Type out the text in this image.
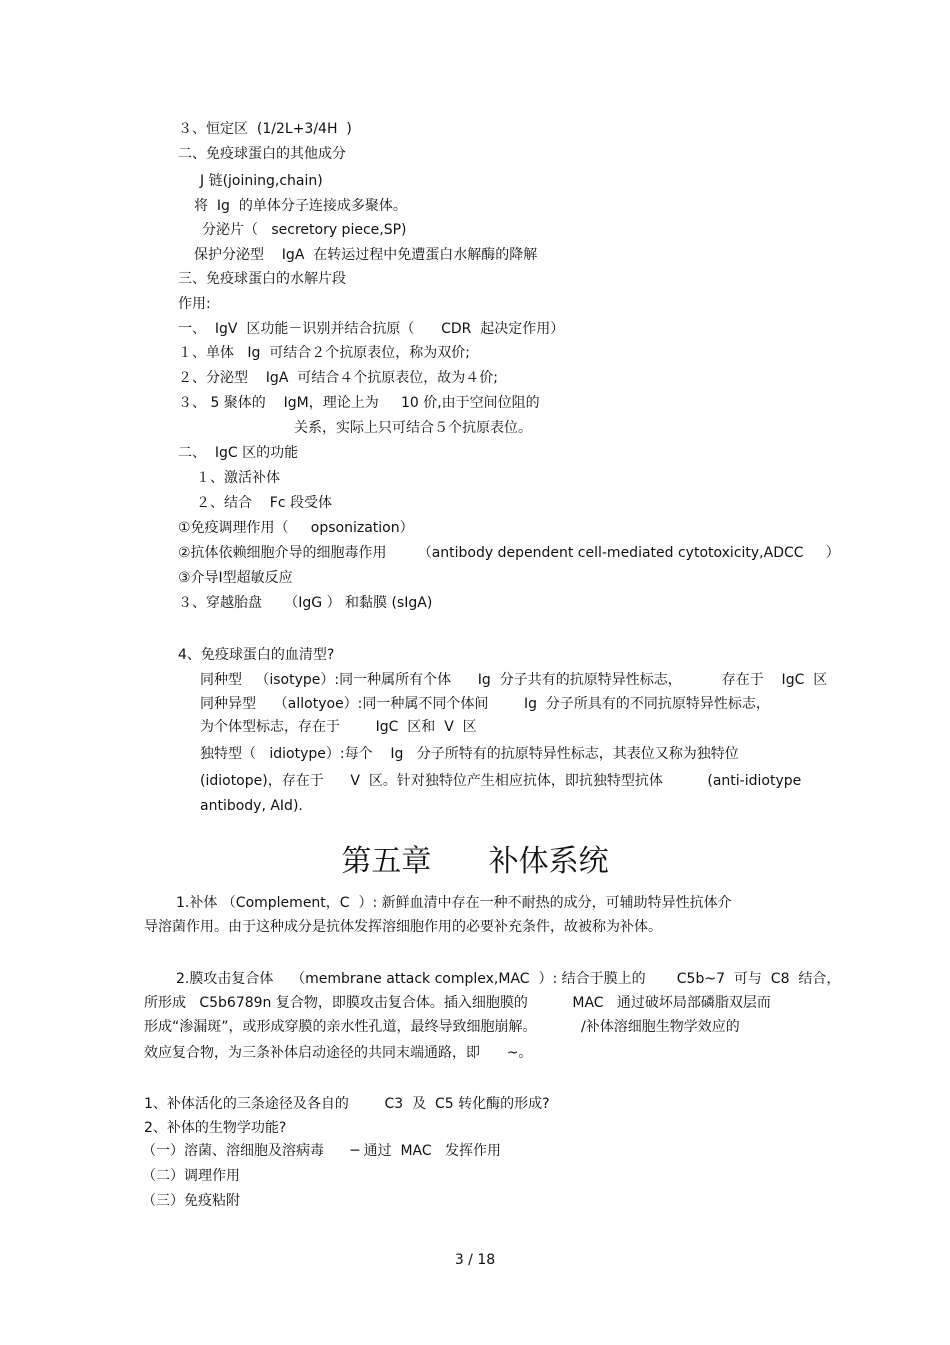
３、恒定区  (1/2L+3/4H  )
二、免疫球蛋白的其他成分
J 链(joining,chain)
将  Ig  的单体分子连接成多聚体。
分泌片（   secretory piece,SP)
保护分泌型    IgA  在转运过程中免遭蛋白水解酶的降解
三、免疫球蛋白的水解片段
作用:
一、  IgV  区功能－识别并结合抗原（      CDR  起决定作用）
１、单体   Ig  可结合２个抗原表位，称为双价;
２、分泌型    IgA  可结合４个抗原表位，故为４价;
３、 5 聚体的    IgM，理论上为     10 价,由于空间位阻的
关系，实际上只可结合５个抗原表位。
二、  IgC 区的功能
１、激活补体
２、结合    Fc 段受体
①免疫调理作用（     opsonization）
②抗体依赖细胞介导的细胞毒作用       （antibody dependent cell-mediated cytotoxicity,ADCC     ）
③介导Ⅰ型超敏反应
３、穿越胎盘     （IgG ） 和黏膜 (sIgA)
4、免疫球蛋白的血清型?
同种型   （isotype）:同一种属所有个体      Ig  分子共有的抗原特异性标志，         存在于    IgC  区
同种异型    （allotyoe）:同一种属不同个体间        Ig  分子所具有的不同抗原特异性标志，
为个体型标志，存在于        IgC  区和  V  区
独特型（   idiotype）:每个    Ig   分子所特有的抗原特异性标志，其表位又称为独特位
(idiotope)，存在于      V  区。针对独特位产生相应抗体，即抗独特型抗体          (anti-idiotype
antibody, AId).
第五章      补体系统
1.补体 （Complement，C  ）: 新鲜血清中存在一种不耐热的成分，可辅助特异性抗体介
导溶菌作用。由于这种成分是抗体发挥溶细胞作用的必要补充条件，故被称为补体。
2.膜攻击复合体    （membrane attack complex,MAC  ）: 结合于膜上的       C5b~7  可与  C8  结合，
所形成   C5b6789n 复合物，即膜攻击复合体。插入细胞膜的          MAC   通过破坏局部磷脂双层而
形成“渗漏斑”，或形成穿膜的亲水性孔道，最终导致细胞崩解。          /补体溶细胞生物学效应的
效应复合物，为三条补体启动途径的共同末端通路，即      ~。
1、补体活化的三条途径及各自的        C3  及  C5 转化酶的形成?
2、补体的生物学功能?
（一）溶菌、溶细胞及溶病毒      ─ 通过  MAC   发挥作用
（二）调理作用
（三）免疫粘附
3 / 18
